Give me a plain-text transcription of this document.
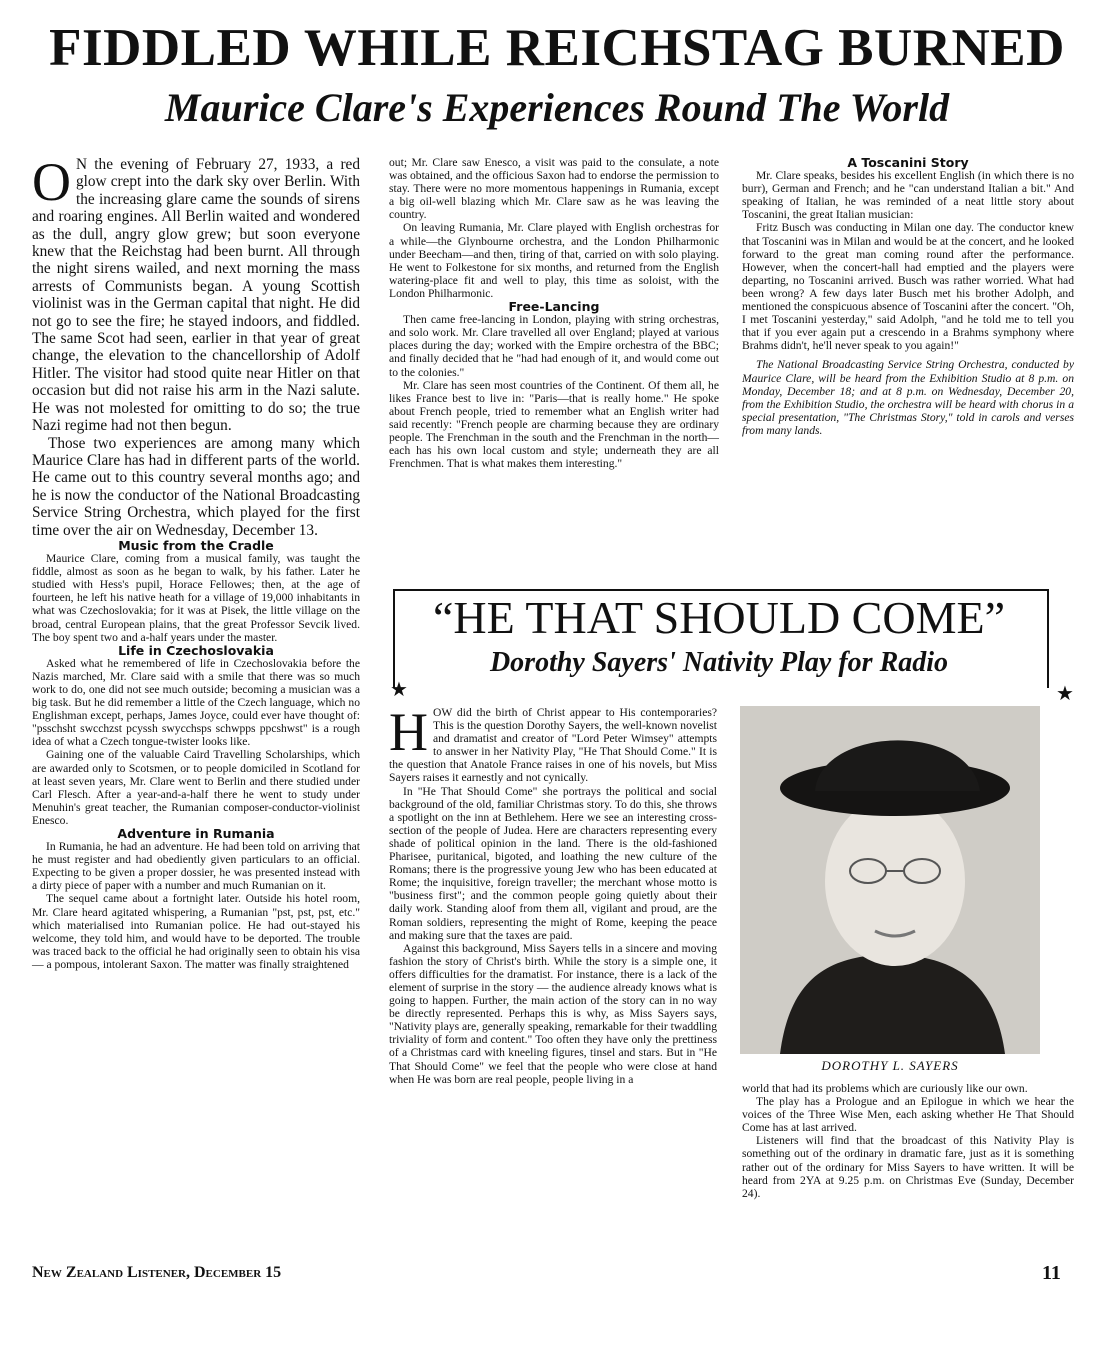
FIDDLED WHILE REICHSTAG BURNED
Maurice Clare's Experiences Round The World

O N the evening of February 27, 1933, a red glow crept into the dark sky over Berlin. With the increasing glare came the sounds of sirens and roaring engines. All Berlin waited and wondered as the dull, angry glow grew; but soon everyone knew that the Reichstag had been burnt. All through the night sirens wailed, and next morning the mass arrests of Communists began. A young Scottish violinist was in the German capital that night. He did not go to see the fire; he stayed indoors, and fiddled. The same Scot had seen, earlier in that year of great change, the elevation to the chancellorship of Adolf Hitler. The visitor had stood quite near Hitler on that occasion but did not raise his arm in the Nazi salute. He was not molested for omitting to do so; the true Nazi regime had not then begun.

Those two experiences are among many which Maurice Clare has had in different parts of the world. He came out to this country several months ago; and he is now the conductor of the National Broadcasting Service String Orchestra, which played for the first time over the air on Wednesday, December 13.

Music from the Cradle

Maurice Clare, coming from a musical family, was taught the fiddle, almost as soon as he began to walk, by his father. Later he studied with Hess's pupil, Horace Fellowes; then, at the age of fourteen, he left his native heath for a village of 19,000 inhabitants in what was Czechoslovakia; for it was at Pisek, the little village on the broad, central European plains, that the great Professor Sevcik lived. The boy spent two and a-half years under the master.

Life in Czechoslovakia

Asked what he remembered of life in Czechoslovakia before the Nazis marched, Mr. Clare said with a smile that there was so much work to do, one did not see much outside; becoming a musician was a big task. But he did remember a little of the Czech language, which no Englishman except, perhaps, James Joyce, could ever have thought of: "psschsht swcchzst pcyssh swycchsps schwpps ppcshwst" is a rough idea of what a Czech tongue-twister looks like.

Gaining one of the valuable Caird Travelling Scholarships, which are awarded only to Scotsmen, or to people domiciled in Scotland for at least seven years, Mr. Clare went to Berlin and there studied under Carl Flesch. After a year-and-a-half there he went to study under Menuhin's great teacher, the Rumanian composer-conductor-violinist Enesco.

Adventure in Rumania

In Rumania, he had an adventure. He had been told on arriving that he must register and had obediently given particulars to an official. Expecting to be given a proper dossier, he was presented instead with a dirty piece of paper with a number and much Rumanian on it.

The sequel came about a fortnight later. Outside his hotel room, Mr. Clare heard agitated whispering, a Rumanian "pst, pst, pst, etc." which materialised into Rumanian police. He had out-stayed his welcome, they told him, and would have to be deported. The trouble was traced back to the official he had originally seen to obtain his visa — a pompous, intolerant Saxon. The matter was finally straightened

out; Mr. Clare saw Enesco, a visit was paid to the consulate, a note was obtained, and the officious Saxon had to endorse the permission to stay. There were no more momentous happenings in Rumania, except a big oil-well blazing which Mr. Clare saw as he was leaving the country.

On leaving Rumania, Mr. Clare played with English orchestras for a while—the Glynbourne orchestra, and the London Philharmonic under Beecham—and then, tiring of that, carried on with solo playing. He went to Folkestone for six months, and returned from the English watering-place fit and well to play, this time as soloist, with the London Philharmonic.

Free-Lancing

Then came free-lancing in London, playing with string orchestras, and solo work. Mr. Clare travelled all over England; played at various places during the day; worked with the Empire orchestra of the BBC; and finally decided that he "had had enough of it, and would come out to the colonies."

Mr. Clare has seen most countries of the Continent. Of them all, he likes France best to live in: "Paris—that is really home." He spoke about French people, tried to remember what an English writer had said recently: "French people are charming because they are ordinary people. The Frenchman in the south and the Frenchman in the north—each has his own local custom and style; underneath they are all Frenchmen. That is what makes them interesting."

A Toscanini Story

Mr. Clare speaks, besides his excellent English (in which there is no burr), German and French; and he "can understand Italian a bit." And speaking of Italian, he was reminded of a neat little story about Toscanini, the great Italian musician:

Fritz Busch was conducting in Milan one day. The conductor knew that Toscanini was in Milan and would be at the concert, and he looked forward to the great man coming round after the performance. However, when the concert-hall had emptied and the players were departing, no Toscanini arrived. Busch was rather worried. What had been wrong? A few days later Busch met his brother Adolph, and mentioned the conspicuous absence of Toscanini after the concert. "Oh, I met Toscanini yesterday," said Adolph, "and he told me to tell you that if you ever again put a crescendo in a Brahms symphony where Brahms didn't, he'll never speak to you again!"

The National Broadcasting Service String Orchestra, conducted by Maurice Clare, will be heard from the Exhibition Studio at 8 p.m. on Monday, December 18; and at 8 p.m. on Wednesday, December 20, from the Exhibition Studio, the orchestra will be heard with chorus in a special presentation, "The Christmas Story," told in carols and verses from many lands.

“HE THAT SHOULD COME”
Dorothy Sayers' Nativity Play for Radio
★	★

HOW did the birth of Christ appear to His contemporaries? This is the question Dorothy Sayers, the well-known novelist and dramatist and creator of "Lord Peter Wimsey" attempts to answer in her Nativity Play, "He That Should Come." It is the question that Anatole France raises in one of his novels, but Miss Sayers raises it earnestly and not cynically.

In "He That Should Come" she portrays the political and social background of the old, familiar Christmas story. To do this, she throws a spotlight on the inn at Bethlehem. Here we see an interesting cross-section of the people of Judea. Here are characters representing every shade of political opinion in the land. There is the old-fashioned Pharisee, puritanical, bigoted, and loathing the new culture of the Romans; there is the progressive young Jew who has been educated at Rome; the inquisitive, foreign traveller; the merchant whose motto is "business first"; and the common people going quietly about their daily work. Standing aloof from them all, vigilant and proud, are the Roman soldiers, representing the might of Rome, keeping the peace and making sure that the taxes are paid.

Against this background, Miss Sayers tells in a sincere and moving fashion the story of Christ's birth. While the story is a simple one, it offers difficulties for the dramatist. For instance, there is a lack of the element of surprise in the story — the audience already knows what is going to happen. Further, the main action of the story can in no way be directly represented. Perhaps this is why, as Miss Sayers says, "Nativity plays are, generally speaking, remarkable for their twaddling triviality of form and content." Too often they have only the prettiness of a Christmas card with kneeling figures, tinsel and stars. But in "He That Should Come" we feel that the people who were close at hand when He was born are real people, people living in a

DOROTHY L. SAYERS

world that had its problems which are curiously like our own.

The play has a Prologue and an Epilogue in which we hear the voices of the Three Wise Men, each asking whether He That Should Come has at last arrived.

Listeners will find that the broadcast of this Nativity Play is something out of the ordinary in dramatic fare, just as it is something rather out of the ordinary for Miss Sayers to have written. It will be heard from 2YA at 9.25 p.m. on Christmas Eve (Sunday, December 24).

New Zealand Listener, December 15	11
